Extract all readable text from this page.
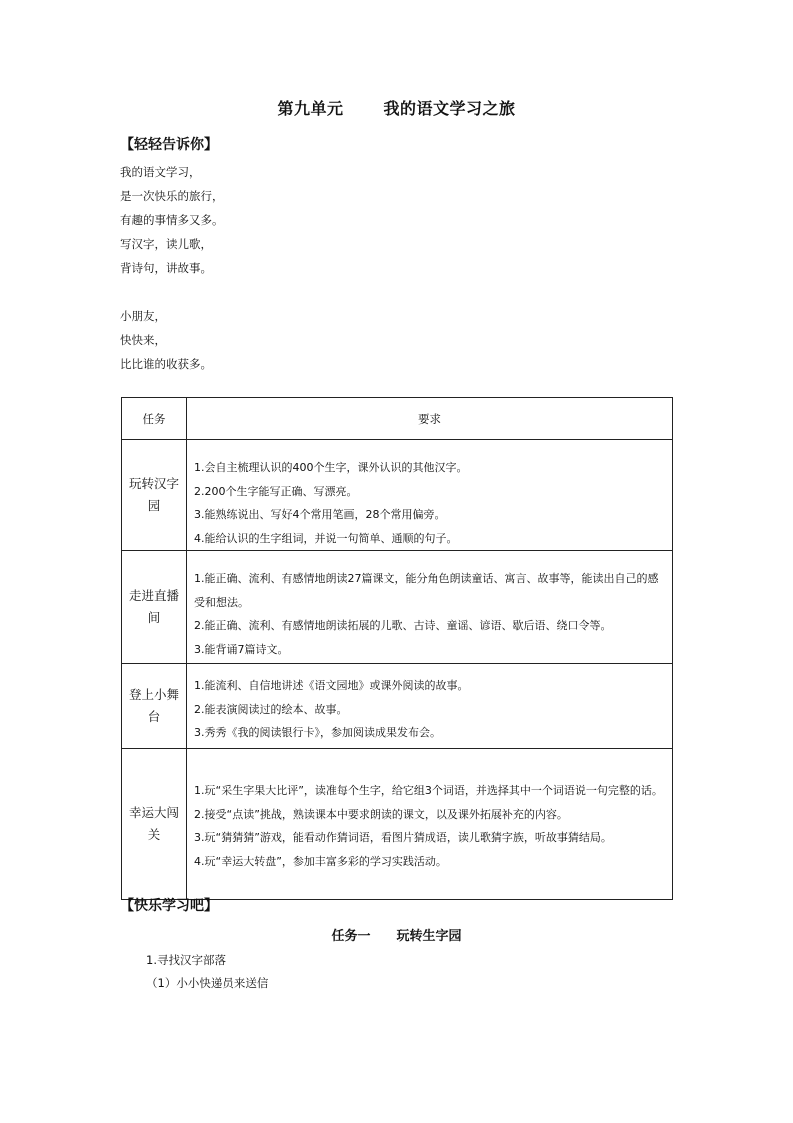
第九单元	我的语文学习之旅
【轻轻告诉你】
我的语文学习，
是一次快乐的旅行，
有趣的事情多又多。
写汉字，读儿歌，
背诗句，讲故事。
小朋友，
快快来，
比比谁的收获多。
任务	要求
玩转汉字园	1.会自主梳理认识的400个生字，课外认识的其他汉字。
2.200个生字能写正确、写漂亮。
3.能熟练说出、写好4个常用笔画，28个常用偏旁。
4.能给认识的生字组词，并说一句简单、通顺的句子。

走进直播间	1.能正确、流利、有感情地朗读27篇课文，能分角色朗读童话、寓言、故事等，能读出自己的感受和想法。
2.能正确、流利、有感情地朗读拓展的儿歌、古诗、童谣、谚语、歇后语、绕口令等。
3.能背诵7篇诗文。

登上小舞台	1.能流利、自信地讲述《语文园地》或课外阅读的故事。
2.能表演阅读过的绘本、故事。
3.秀秀《我的阅读银行卡》，参加阅读成果发布会。

幸运大闯关	1.玩“采生字果大比评”，读准每个生字，给它组3个词语，并选择其中一个词语说一句完整的话。
2.接受“点读”挑战，熟读课本中要求朗读的课文，以及课外拓展补充的内容。
3.玩“猜猜猜”游戏，能看动作猜词语，看图片猜成语，读儿歌猜字族，听故事猜结局。
4.玩“幸运大转盘”，参加丰富多彩的学习实践活动。
【快乐学习吧】
任务一 玩转生字园
1.寻找汉字部落
（1）小小快递员来送信
